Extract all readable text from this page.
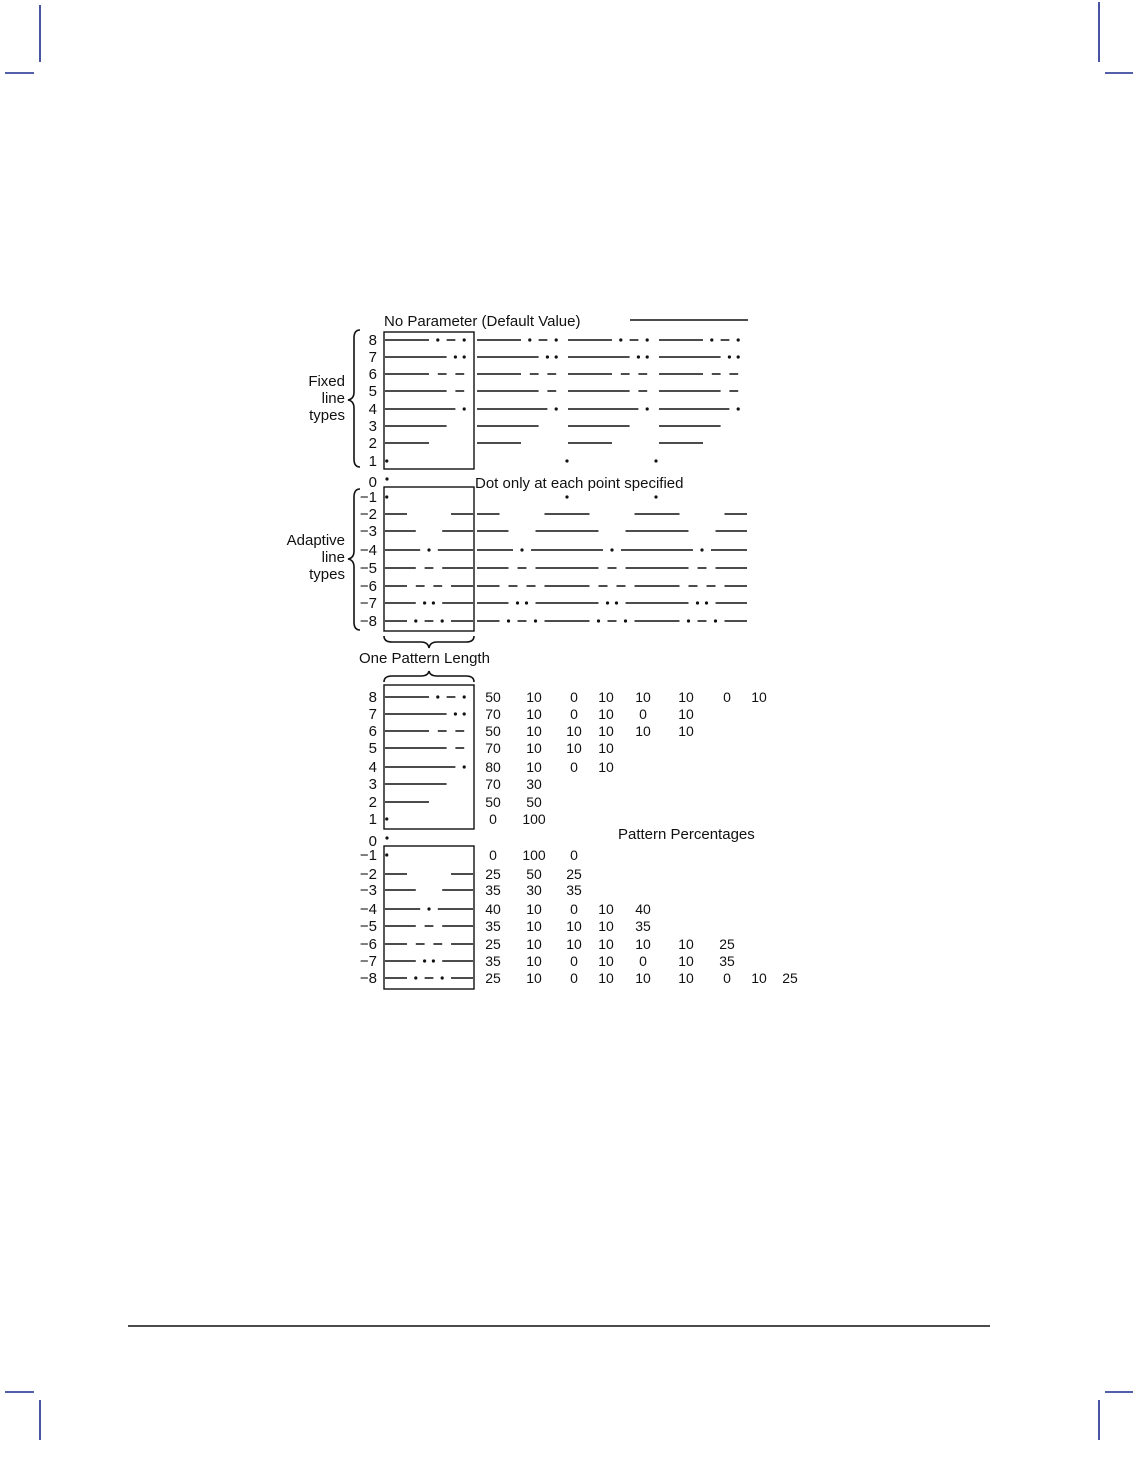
No Parameter (Default Value)
Fixed
line
types
Adaptive
line
types
8
7
6
5
4
3
2
1
−1
−2
−3
−4
−5
−6
−7
−8
0	Dot only at each point specified
One Pattern Length
8
7
6
5
4
3
2
1
−1
−2
−3
−4
−5
−6
−7
−8
50 10 0 10 10 10 0 10
70 10 0 10 0 10
50 10 10 10 10 10
70 10 10 10
80 10 0 10
70 30
50 50
0 100
0 100 0
25 50 25
35 30 35
40 10 0 10 40
35 10 10 10 35
25 10 10 10 10 10 25
35 10 0 10 0 10 35
25 10 0 10 10 10 0 10 25
0	Pattern Percentages
